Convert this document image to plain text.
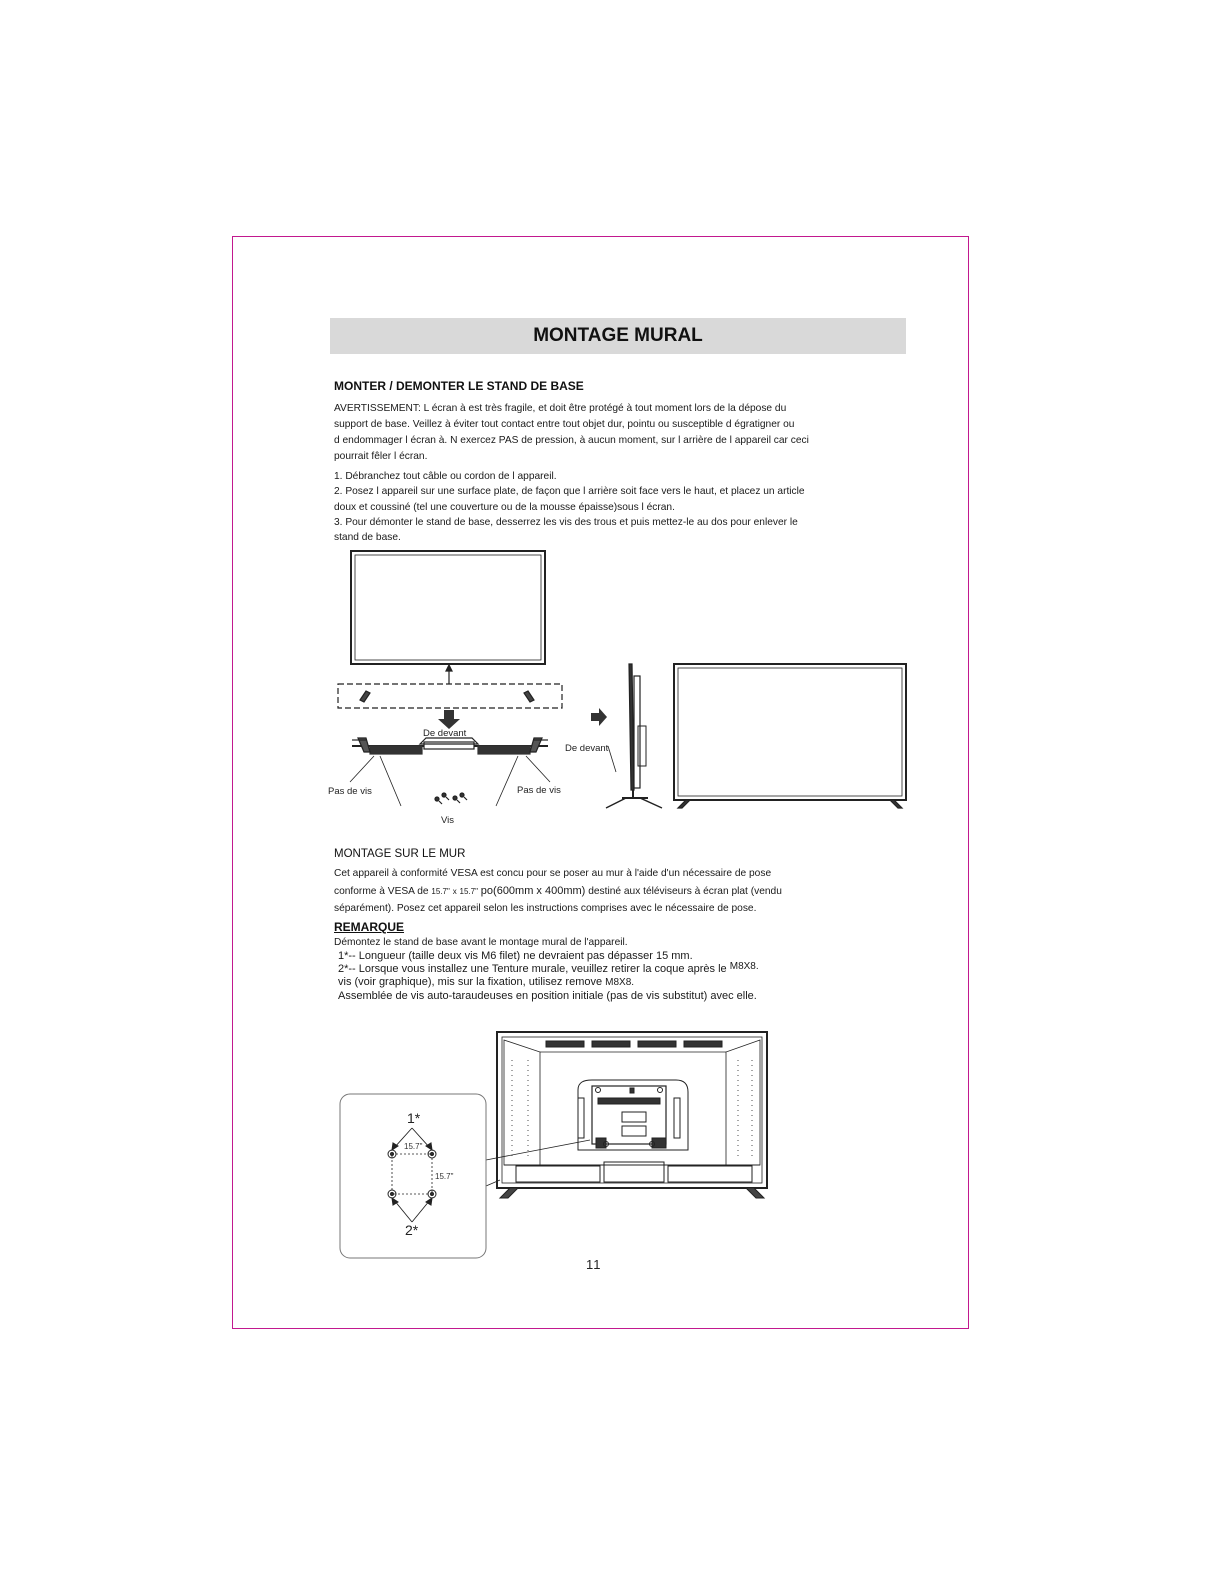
MONTAGE MURAL
MONTER / DEMONTER LE STAND DE BASE
AVERTISSEMENT: L écran à est très fragile, et doit être protégé à tout moment lors de la dépose du
support de base. Veillez à éviter tout contact entre tout objet dur, pointu ou susceptible d égratigner ou
d endommager l écran à. N exercez PAS de pression, à aucun moment, sur l arrière de l appareil car ceci
pourrait fêler l écran.
1. Débranchez tout câble ou cordon de l appareil.
2. Posez l appareil sur une surface plate, de façon que l arrière soit face vers le haut, et placez un article
doux et coussiné (tel une couverture ou de la mousse épaisse)sous l écran.
3. Pour démonter le stand de base, desserrez les vis des trous et puis mettez-le au dos pour enlever le
stand de base.
De devant
De devant
Pas de vis	Pas de vis
Vis
MONTAGE SUR LE MUR
Cet appareil à conformité VESA est concu pour se poser au mur à l'aide d'un nécessaire de pose
conforme à VESA de 15.7" x 15.7" po(600mm x 400mm) destiné aux téléviseurs à écran plat (vendu
séparément). Posez cet appareil selon les instructions comprises avec le nécessaire de pose.
REMARQUE
Démontez le stand de base avant le montage mural de l'appareil.
1*-- Longueur (taille deux vis M6 filet) ne devraient pas dépasser 15 mm.
2*-- Lorsque vous installez une Tenture murale, veuillez retirer la coque après le M8X8.
vis (voir graphique), mis sur la fixation, utilisez remove M8X8.
Assemblée de vis auto-taraudeuses en position initiale (pas de vis substitut) avec elle.
1*
2*
15.7"
15.7"
11
